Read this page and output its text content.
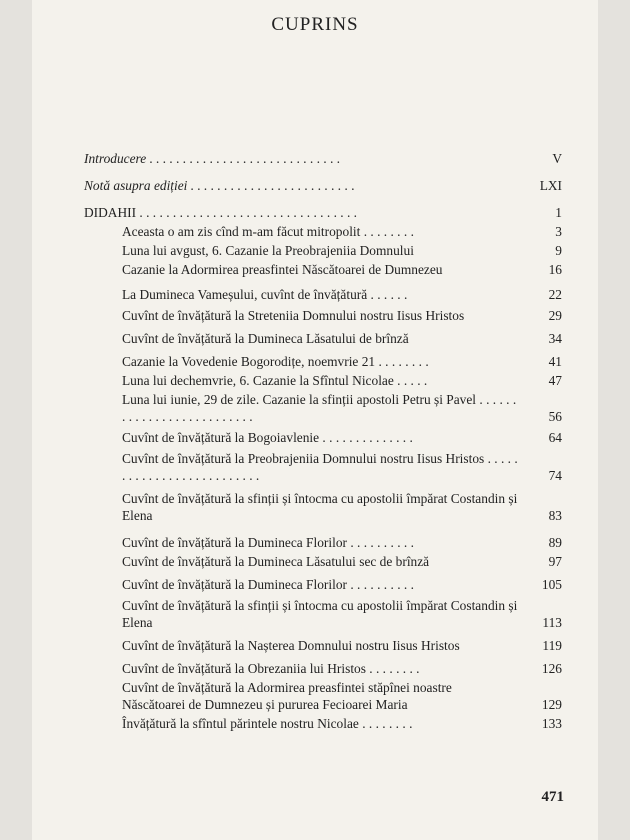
CUPRINS
Introducere . . . . . . . . . . . . . . . . . . . . . . . . . . . . .	V
Notă asupra ediției . . . . . . . . . . . . . . . . . . . . . . . . .	LXI
DIDAHII . . . . . . . . . . . . . . . . . . . . . . . . . . . . . . . . .	1
Aceasta o am zis cînd m-am făcut mitropolit . . . . . . . .	3
Luna lui avgust, 6. Cazanie la Preobrajeniia Domnului	9
Cazanie la Adormirea preasfintei Născătoarei de Dumnezeu	16
La Dumineca Vameșului, cuvînt de învățătură . . . . . .	22
Cuvînt de învățătură la Streteniia Domnului nostru Iisus Hristos	29
Cuvînt de învățătură la Dumineca Lăsatului de brînză	34
Cazanie la Vovedenie Bogorodițe, noemvrie 21 . . . . . . . .	41
Luna lui dechemvrie, 6. Cazanie la Sfîntul Nicolae . . . . .	47
Luna lui iunie, 29 de zile. Cazanie la sfinții apostoli Petru și Pavel . . . . . . . . . . . . . . . . . . . . . . . . . .	56
Cuvînt de învățătură la Bogoiavlenie . . . . . . . . . . . . . .	64
Cuvînt de învățătură la Preobrajeniia Domnului nostru Iisus Hristos . . . . . . . . . . . . . . . . . . . . . . . . . .	74
Cuvînt de învățătură la sfinții și întocma cu apostolii împărat Costandin și Elena	83
Cuvînt de învățătură la Dumineca Florilor . . . . . . . . . .	89
Cuvînt de învățătură la Dumineca Lăsatului sec de brînză	97
Cuvînt de învățătură la Dumineca Florilor . . . . . . . . . .	105
Cuvînt de învățătură la sfinții și întocma cu apostolii împărat Costandin și Elena	113
Cuvînt de învățătură la Nașterea Domnului nostru Iisus Hristos	119
Cuvînt de învățătură la Obrezaniia lui Hristos . . . . . . . .	126
Cuvînt de învățătură la Adormirea preasfintei stăpînei noastre Născătoarei de Dumnezeu și pururea Fecioarei Maria	129
Învățătură la sfîntul părintele nostru Nicolae . . . . . . . .	133
471
